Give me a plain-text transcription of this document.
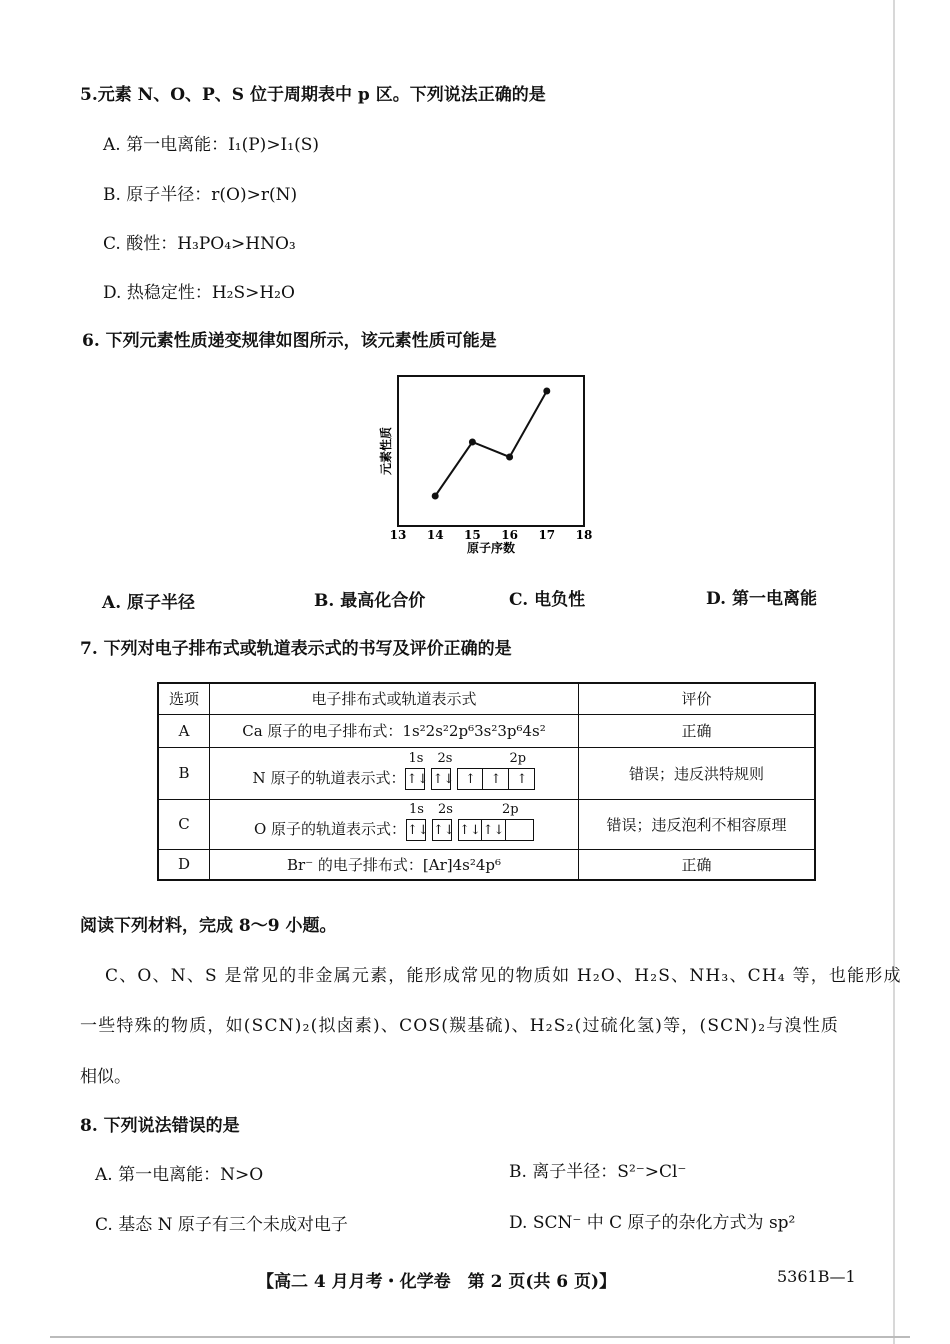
5.元素 N、O、P、S 位于周期表中 p 区。下列说法正确的是
A. 第一电离能：I₁(P)>I₁(S)
B. 原子半径：r(O)>r(N)
C. 酸性：H₃PO₄>HNO₃
D. 热稳定性：H₂S>H₂O
6. 下列元素性质递变规律如图所示，该元素性质可能是
元素性质
13 14 15 16 17 18
原子序数
A. 原子半径	B. 最高化合价	C. 电负性	D. 第一电离能
7. 下列对电子排布式或轨道表示式的书写及评价正确的是
选项	电子排布式或轨道表示式	评价
A	Ca 原子的电子排布式：1s²2s²2p⁶3s²3p⁶4s²	正确
B	N 原子的轨道表示式：
1s 2s 2p
↑↓ ↑↓ ↑ ↑ ↑	错误；违反洪特规则
C	O 原子的轨道表示式：
1s 2s 2p
↑↓ ↑↓ ↑↓ ↑↓	错误；违反泡利不相容原理
D	Br⁻ 的电子排布式：[Ar]4s²4p⁶	正确
阅读下列材料，完成 8～9 小题。
C、O、N、S 是常见的非金属元素，能形成常见的物质如 H₂O、H₂S、NH₃、CH₄ 等，也能形成
一些特殊的物质，如(SCN)₂(拟卤素)、COS(羰基硫)、H₂S₂(过硫化氢)等，(SCN)₂与溴性质
相似。
8. 下列说法错误的是
A. 第一电离能：N>O	B. 离子半径：S²⁻>Cl⁻
C. 基态 N 原子有三个未成对电子	D. SCN⁻ 中 C 原子的杂化方式为 sp²
【高二 4 月月考・化学卷　第 2 页(共 6 页)】	5361B—1
